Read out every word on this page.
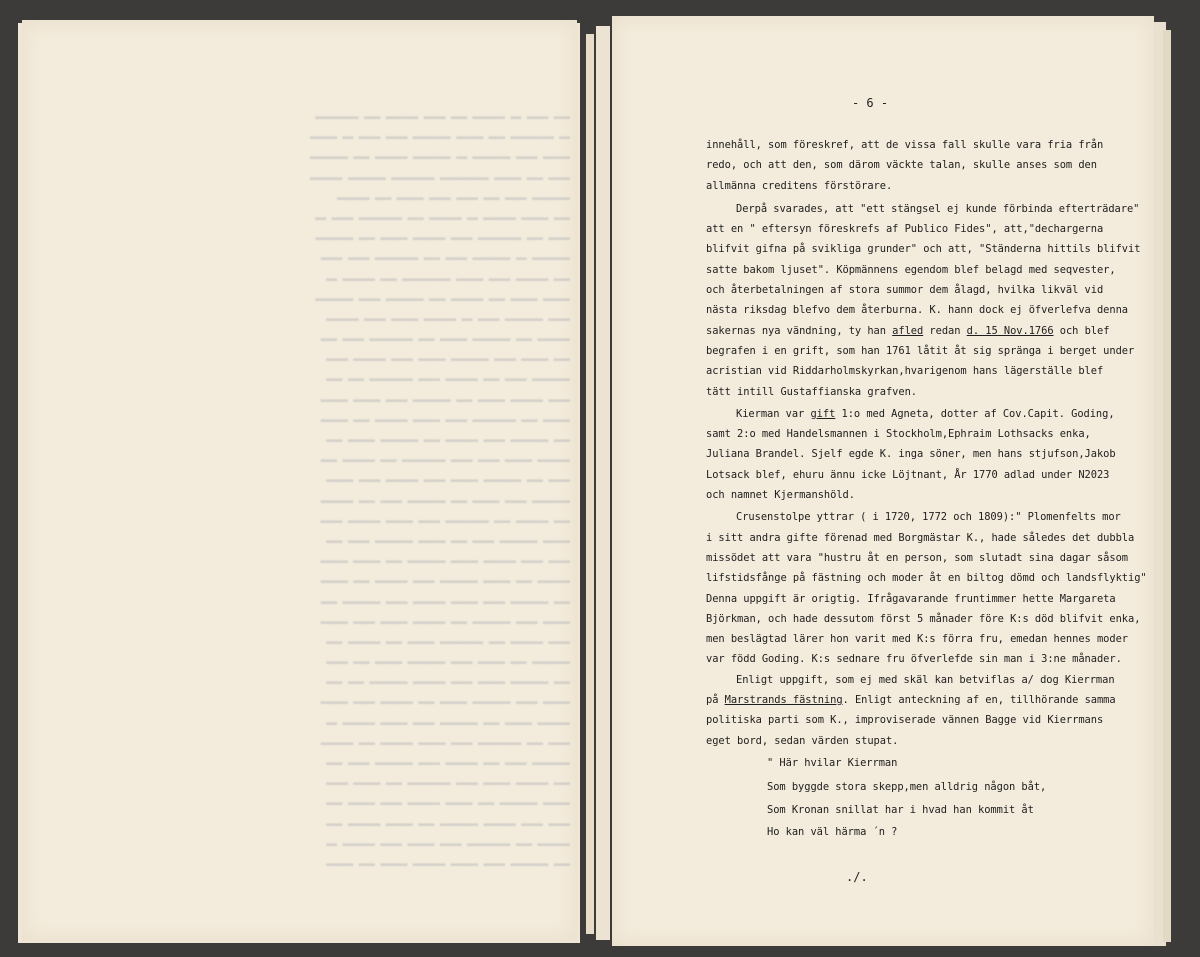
▬▬▬ ▬▬▬▬ ▬▬ ▬▬▬▬▬▬ ▬▬▬ ▬▬▬▬ ▬▬▬▬▬▬ ▬▬▬ ▬▬▬▬▬▬▬▬
▬▬ ▬▬▬▬▬▬▬▬ ▬▬▬ ▬▬▬▬▬ ▬▬▬▬▬▬▬ ▬▬▬▬ ▬▬▬▬ ▬▬ ▬▬▬▬▬
▬▬▬▬▬ ▬▬▬▬ ▬▬▬▬▬▬▬ ▬▬ ▬▬▬▬▬▬▬ ▬▬▬▬▬▬ ▬▬▬ ▬▬▬▬▬▬▬
▬▬▬▬ ▬▬▬ ▬▬▬▬▬ ▬▬▬▬▬▬▬▬▬ ▬▬▬▬▬▬▬▬ ▬▬▬▬▬▬▬ ▬▬▬▬▬▬
▬▬▬▬▬▬▬ ▬▬▬▬ ▬▬▬ ▬▬▬▬ ▬▬▬▬ ▬▬▬▬▬ ▬▬▬ ▬▬▬▬▬▬
▬▬▬ ▬▬▬▬▬ ▬▬▬▬▬▬ ▬▬ ▬▬▬▬▬▬ ▬▬▬ ▬▬▬▬▬▬▬▬ ▬▬▬▬ ▬▬
▬▬▬▬ ▬▬▬ ▬▬▬▬▬▬▬▬ ▬▬▬▬ ▬▬▬▬▬▬ ▬▬▬▬▬ ▬▬▬ ▬▬▬▬▬▬▬
▬▬▬▬▬▬▬ ▬▬ ▬▬▬▬▬▬▬ ▬▬▬▬ ▬▬▬ ▬▬▬▬▬▬▬▬ ▬▬▬▬ ▬▬▬▬
▬▬▬ ▬▬▬▬▬▬ ▬▬▬▬ ▬▬▬▬▬ ▬▬▬▬▬▬▬▬▬ ▬▬▬ ▬▬▬▬▬▬ ▬▬
▬▬▬▬▬ ▬▬▬▬▬ ▬▬▬ ▬▬▬▬▬▬ ▬▬▬ ▬▬▬▬▬▬▬ ▬▬▬▬ ▬▬▬▬▬▬▬
▬▬▬▬ ▬▬▬▬▬▬▬ ▬▬▬▬ ▬▬ ▬▬▬▬▬▬ ▬▬▬▬▬ ▬▬▬▬ ▬▬▬▬▬▬
▬▬▬▬▬▬ ▬▬▬ ▬▬▬▬▬▬▬ ▬▬▬▬▬ ▬▬▬ ▬▬▬▬▬▬▬▬ ▬▬▬▬ ▬▬▬
▬▬▬ ▬▬▬▬▬ ▬▬▬▬ ▬▬▬▬▬▬▬ ▬▬▬▬▬ ▬▬▬▬ ▬▬▬▬▬▬ ▬▬▬▬
▬▬▬▬▬▬▬ ▬▬▬▬ ▬▬▬ ▬▬▬▬▬▬ ▬▬▬▬ ▬▬▬▬▬▬▬▬ ▬▬▬ ▬▬▬
▬▬▬▬ ▬▬▬▬▬▬ ▬▬▬▬▬ ▬▬▬ ▬▬▬▬▬▬▬ ▬▬▬▬ ▬▬▬▬▬ ▬▬▬▬▬
▬▬▬▬▬ ▬▬▬ ▬▬▬▬▬▬▬▬ ▬▬▬▬ ▬▬▬▬▬ ▬▬▬▬▬▬ ▬▬▬ ▬▬▬▬▬
▬▬▬ ▬▬▬▬▬▬▬ ▬▬▬▬ ▬▬▬▬▬▬ ▬▬▬ ▬▬▬▬▬▬▬ ▬▬▬▬▬ ▬▬▬
▬▬▬▬▬▬ ▬▬▬▬▬ ▬▬▬▬ ▬▬▬▬ ▬▬▬▬▬▬▬▬ ▬▬▬ ▬▬▬▬▬▬ ▬▬▬
▬▬▬▬ ▬▬▬ ▬▬▬▬▬▬▬ ▬▬▬▬▬ ▬▬▬▬ ▬▬▬▬▬▬ ▬▬▬▬ ▬▬▬▬▬
▬▬▬▬▬▬▬ ▬▬▬▬ ▬▬▬▬▬ ▬▬▬ ▬▬▬▬▬▬▬ ▬▬▬▬ ▬▬▬ ▬▬▬▬▬▬
▬▬▬ ▬▬▬▬▬▬ ▬▬▬ ▬▬▬▬▬▬▬▬ ▬▬▬▬ ▬▬▬▬▬ ▬▬▬▬▬▬ ▬▬▬▬
▬▬▬▬▬ ▬▬▬▬▬▬▬ ▬▬▬▬ ▬▬▬ ▬▬▬▬▬ ▬▬▬▬▬▬▬ ▬▬▬▬ ▬▬▬
▬▬▬▬ ▬▬▬▬ ▬▬▬▬▬▬ ▬▬▬▬▬ ▬▬▬▬▬▬▬ ▬▬▬ ▬▬▬▬▬ ▬▬▬▬▬
▬▬▬▬▬▬ ▬▬▬ ▬▬▬▬▬ ▬▬▬▬▬▬▬ ▬▬▬▬ ▬▬▬▬▬▬ ▬▬▬ ▬▬▬▬▬
▬▬▬ ▬▬▬▬▬▬▬ ▬▬▬▬ ▬▬▬▬▬ ▬▬▬▬▬▬ ▬▬▬▬ ▬▬▬▬▬▬▬ ▬▬▬
▬▬▬▬▬ ▬▬▬▬ ▬▬▬▬▬▬▬ ▬▬▬ ▬▬▬▬▬▬ ▬▬▬▬▬ ▬▬▬▬ ▬▬▬▬▬
▬▬▬▬ ▬▬▬▬▬▬ ▬▬▬ ▬▬▬▬▬▬▬▬ ▬▬▬▬▬ ▬▬▬ ▬▬▬▬▬▬ ▬▬▬
▬▬▬▬▬▬▬ ▬▬▬ ▬▬▬▬▬ ▬▬▬▬ ▬▬▬▬▬▬▬ ▬▬▬▬▬ ▬▬▬ ▬▬▬▬
▬▬▬ ▬▬▬▬▬▬▬ ▬▬▬▬▬ ▬▬▬▬ ▬▬▬▬▬▬ ▬▬▬▬▬▬▬ ▬▬▬ ▬▬▬
▬▬▬▬▬ ▬▬▬▬ ▬▬▬▬▬▬▬ ▬▬▬▬▬ ▬▬▬ ▬▬▬▬▬▬ ▬▬▬▬ ▬▬▬▬▬
▬▬▬▬▬▬ ▬▬▬▬▬ ▬▬▬ ▬▬▬▬▬▬▬ ▬▬▬▬ ▬▬▬▬▬ ▬▬▬▬▬▬ ▬▬
▬▬▬▬ ▬▬▬ ▬▬▬▬▬▬▬▬ ▬▬▬▬ ▬▬▬▬▬ ▬▬▬▬▬▬ ▬▬▬ ▬▬▬▬▬▬
▬▬▬▬▬▬▬ ▬▬▬▬ ▬▬▬ ▬▬▬▬▬▬ ▬▬▬▬ ▬▬▬▬▬▬▬ ▬▬▬▬ ▬▬▬
▬▬▬ ▬▬▬▬▬▬ ▬▬▬▬▬ ▬▬▬▬ ▬▬▬▬▬▬▬▬ ▬▬▬ ▬▬▬▬▬ ▬▬▬▬
▬▬▬▬▬ ▬▬▬▬▬▬▬ ▬▬▬ ▬▬▬▬▬ ▬▬▬▬▬▬ ▬▬▬▬ ▬▬▬▬▬ ▬▬▬
▬▬▬▬ ▬▬▬▬ ▬▬▬▬▬▬ ▬▬▬▬▬▬▬ ▬▬▬ ▬▬▬▬▬ ▬▬▬▬▬▬ ▬▬▬
▬▬▬▬▬▬ ▬▬▬ ▬▬▬▬▬▬▬▬ ▬▬▬▬ ▬▬▬▬▬ ▬▬▬▬ ▬▬▬▬▬▬ ▬▬
▬▬▬ ▬▬▬▬▬▬▬ ▬▬▬▬ ▬▬▬▬▬ ▬▬▬▬▬▬ ▬▬▬▬▬ ▬▬▬ ▬▬▬▬▬
- 6 -
innehåll, som föreskref, att de vissa fall skulle vara fria från
redo, och att den, som därom väckte talan, skulle anses som den
allmänna creditens förstörare.
Derpå svarades, att "ett stängsel ej kunde förbinda efterträdare"
att en " eftersyn föreskrefs af Publico Fides", att,"dechargerna
blifvit gifna på svikliga grunder" och att, "Ständerna hittils blifvit
satte bakom ljuset". Köpmännens egendom blef belagd med seqvester,
och återbetalningen af stora summor dem ålagd, hvilka likväl vid
nästa riksdag blefvo dem återburna. K. hann dock ej öfverlefva denna
sakernas nya vändning, ty han afled redan d. 15 Nov.1766 och blef
begrafen i en grift, som han 1761 låtit åt sig spränga i berget under
acristian vid Riddarholmskyrkan,hvarigenom hans lägerställe blef
tätt intill Gustaffianska grafven.
Kierman var gift 1:o med Agneta, dotter af Cov.Capit. Goding,
samt 2:o med Handelsmannen i Stockholm,Ephraim Lothsacks enka,
Juliana Brandel. Sjelf egde K. inga söner, men hans stjufson,Jakob
Lotsack blef, ehuru ännu icke Löjtnant, År 1770 adlad under N2023
och namnet Kjermanshöld.
Crusenstolpe yttrar ( i 1720, 1772 och 1809):" Plomenfelts mor
i sitt andra gifte förenad med Borgmästar K., hade således det dubbla
missödet att vara "hustru åt en person, som slutadt sina dagar såsom
lifstidsfånge på fästning och moder åt en biltog dömd och landsflyktig"
Denna uppgift är origtig. Ifrågavarande fruntimmer hette Margareta
Björkman, och hade dessutom först 5 månader före K:s död blifvit enka,
men beslägtad lärer hon varit med K:s förra fru, emedan hennes moder
var född Goding. K:s sednare fru öfverlefde sin man i 3:ne månader.
Enligt uppgift, som ej med skäl kan betviflas a/ dog Kierrman
på Marstrands fästning. Enligt anteckning af en, tillhörande samma
politiska parti som K., improviserade vännen Bagge vid Kierrmans
eget bord, sedan värden stupat.
" Här hvilar Kierrman
Som byggde stora skepp,men alldrig någon båt,
Som Kronan snillat har i hvad han kommit åt
Ho kan väl härma ´n ?
./.
